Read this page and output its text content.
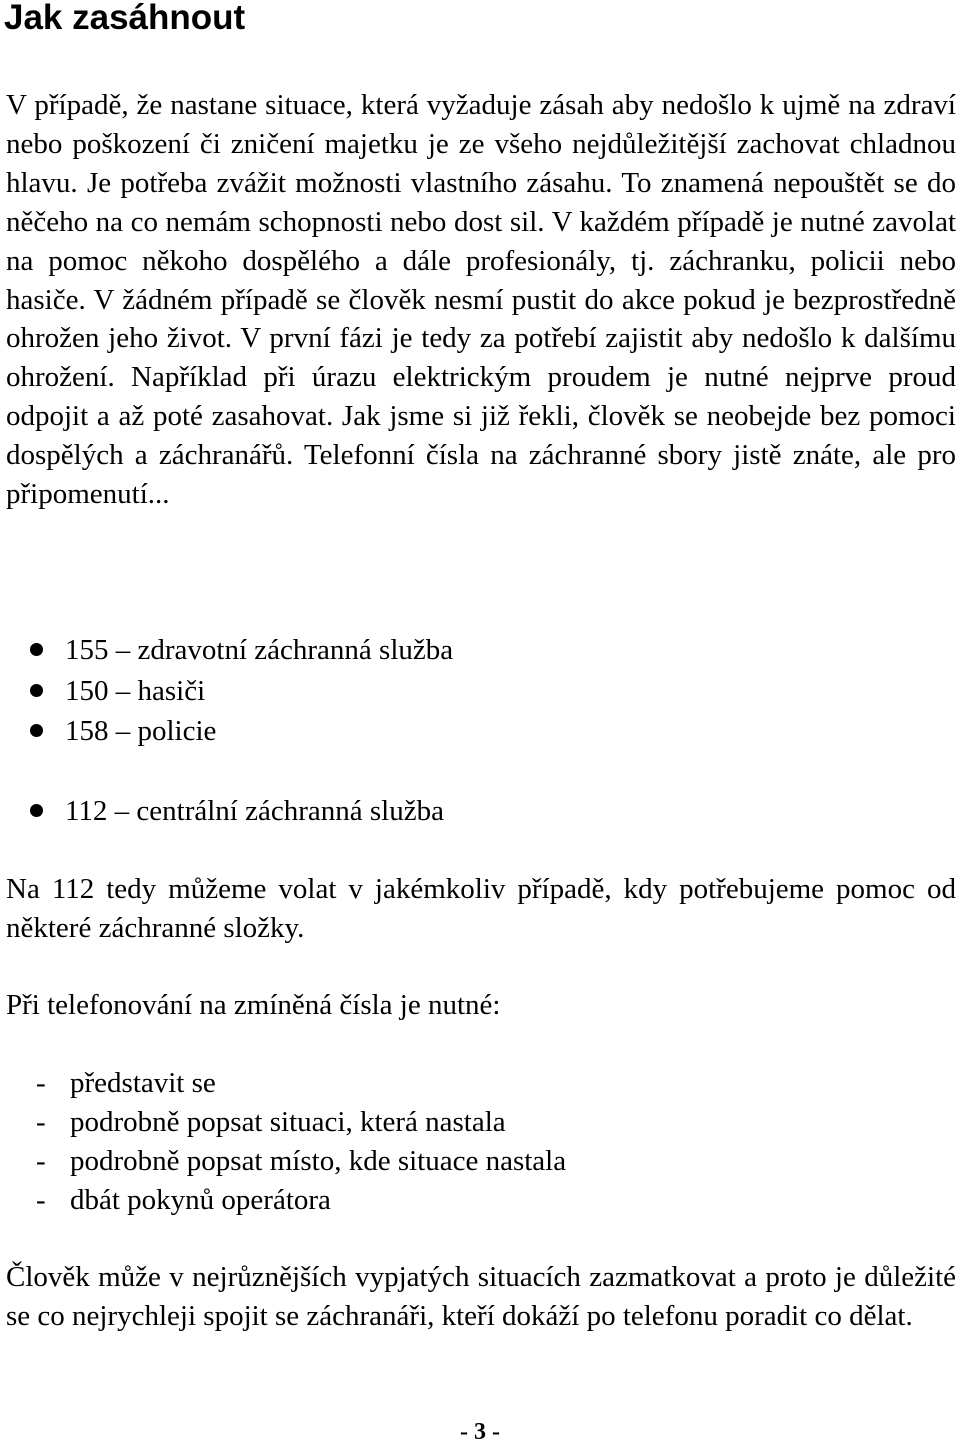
Jak zasáhnout

V případě, že nastane situace, která vyžaduje zásah aby nedošlo k ujmě na zdraví nebo poškození či zničení majetku je ze všeho nejdůležitější zachovat chladnou hlavu. Je potřeba zvážit možnosti vlastního zásahu. To znamená nepouštět se do něčeho na co nemám schopnosti nebo dost sil. V každém případě je nutné zavolat na pomoc někoho dospělého a dále profesionály, tj. záchranku, policii nebo hasiče. V žádném případě se člověk nesmí pustit do akce pokud je bezprostředně ohrožen jeho život. V první fázi je tedy za potřebí zajistit aby nedošlo k dalšímu ohrožení. Například při úrazu elektrickým proudem je nutné nejprve proud odpojit a až poté zasahovat. Jak jsme si již řekli, člověk se neobejde bez pomoci dospělých a záchranářů. Telefonní čísla na záchranné sbory jistě znáte, ale pro připomenutí...

155 – zdravotní záchranná služba
150 – hasiči
158 – policie
112 – centrální záchranná služba

Na 112 tedy můžeme volat v jakémkoliv případě, kdy potřebujeme pomoc od některé záchranné složky.

Při telefonování na zmíněná čísla je nutné:

- představit se
- podrobně popsat situaci, která nastala
- podrobně popsat místo, kde situace nastala
- dbát pokynů operátora

Člověk může v nejrůznějších vypjatých situacích zazmatkovat a proto je důležité se co nejrychleji spojit se záchranáři, kteří dokáží po telefonu poradit co dělat.

- 3 -
